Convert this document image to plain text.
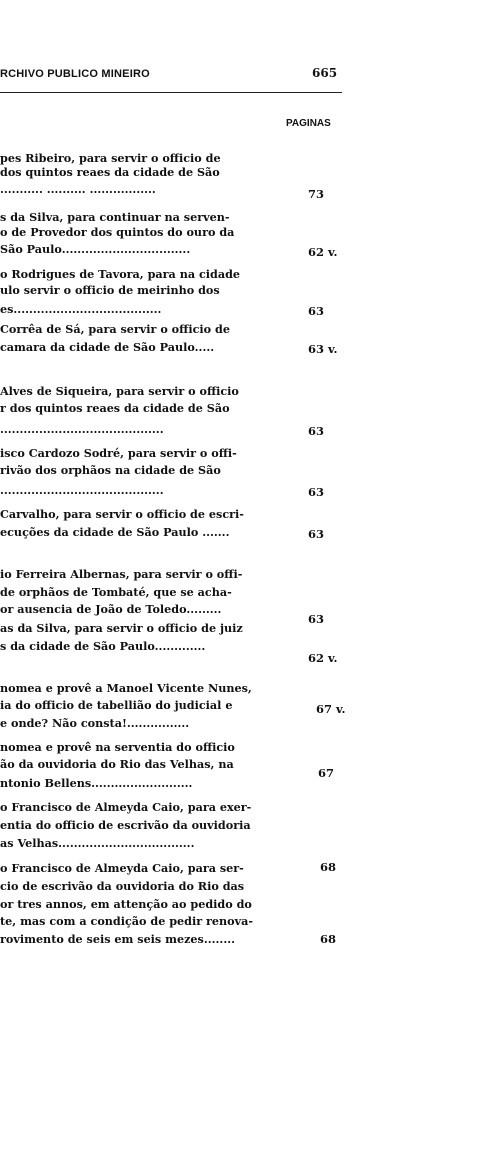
RCHIVO PUBLICO MINEIRO	665
PAGINAS
pes Ribeiro, para servir o officio de
dos quintos reaes da cidade de São
........... .......... .................
s da Silva, para continuar na serven-
o de Provedor dos quintos do ouro da
São Paulo.................................
o Rodrigues de Tavora, para na cidade
ulo servir o officio de meirinho dos
es......................................
Corrêa de Sá, para servir o officio de
camara da cidade de São Paulo.....
Alves de Siqueira, para servir o officio
r dos quintos reaes da cidade de São
..........................................
isco Cardozo Sodré, para servir o offi-
rivão dos orphãos na cidade de São
..........................................
Carvalho, para servir o officio de escri-
ecuções da cidade de São Paulo .......
io Ferreira Albernas, para servir o offi-
de orphãos de Tombaté, que se acha-
or ausencia de João de Toledo.........
as da Silva, para servir o officio de juiz
s da cidade de São Paulo.............
nomea e provê a Manoel Vicente Nunes,
ia do officio de tabellião do judicial e
e onde? Não consta!................
nomea e provê na serventia do officio
ão da ouvidoria do Rio das Velhas, na
ntonio Bellens..........................
o Francisco de Almeyda Caio, para exer-
entia do officio de escrivão da ouvidoria
as Velhas...................................
o Francisco de Almeyda Caio, para ser-
cio de escrivão da ouvidoria do Rio das
or tres annos, em attenção ao pedido do
te, mas com a condição de pedir renova-
rovimento de seis em seis mezes........
73
62 v.
63
63 v.
63
63
63
63
62 v.
67 v.
67
68
68
